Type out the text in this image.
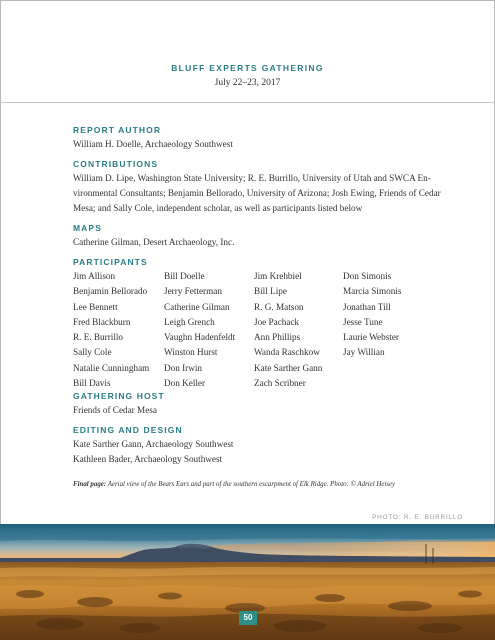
BLUFF EXPERTS GATHERING
July 22–23, 2017
REPORT AUTHOR
William H. Doelle, Archaeology Southwest
CONTRIBUTIONS
William D. Lipe, Washington State University; R. E. Burrillo, University of Utah and SWCA En-
vironmental Consultants; Benjamin Bellorado, University of Arizona; Josh Ewing, Friends of Cedar
Mesa; and Sally Cole, independent scholar, as well as participants listed below
MAPS
Catherine Gilman, Desert Archaeology, Inc.
PARTICIPANTS
Jim Allison
Benjamin Bellorado
Lee Bennett
Fred Blackburn
R. E. Burrillo
Sally Cole
Natalie Cunningham
Bill Davis
Bill Doelle
Jerry Fetterman
Catherine Gilman
Leigh Grench
Vaughn Hadenfeldt
Winston Hurst
Don Irwin
Don Keller
Jim Krehbiel
Bill Lipe
R. G. Matson
Joe Pachack
Ann Phillips
Wanda Raschkow
Kate Sarther Gann
Zach Scribner
Don Simonis
Marcia Simonis
Jonathan Till
Jesse Tune
Laurie Webster
Jay Willian
GATHERING HOST
Friends of Cedar Mesa
EDITING AND DESIGN
Kate Sarther Gann, Archaeology Southwest
Kathleen Bader, Archaeology Southwest
Final page: Aerial view of the Bears Ears and part of the southern escarpment of Elk Ridge. Photo: © Adriel Heisey
PHOTO: R. E. BURRILLO
50
